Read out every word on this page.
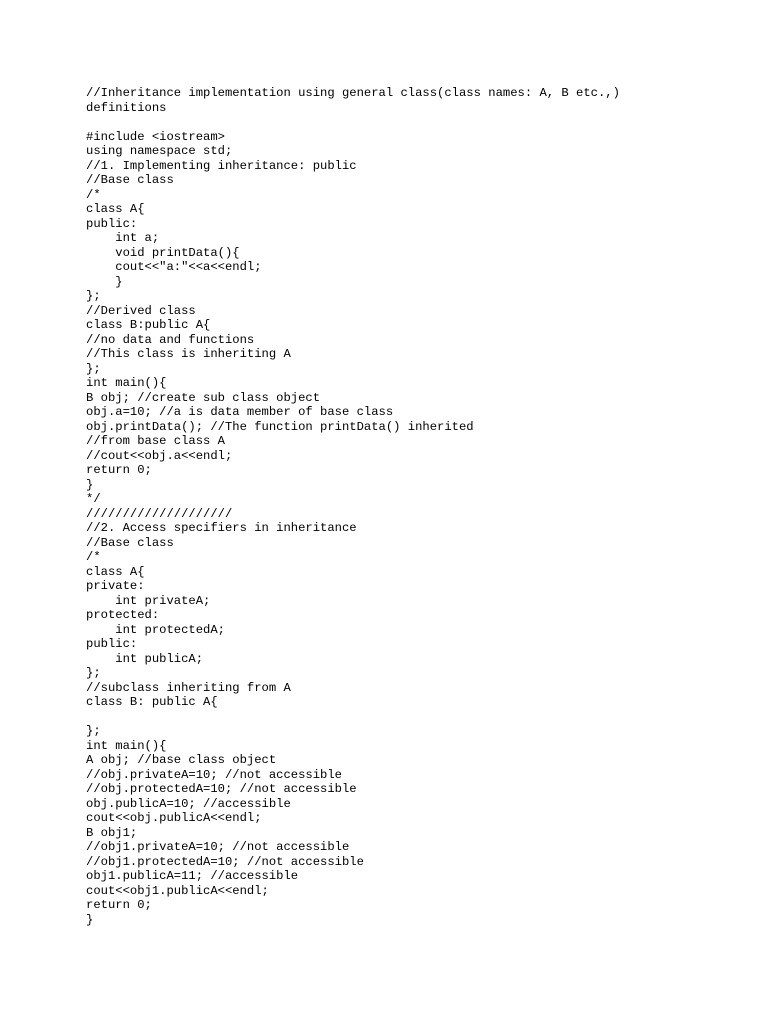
//Inheritance implementation using general class(class names: A, B etc.,)
definitions
#include <iostream>
using namespace std;
//1. Implementing inheritance: public
//Base class
/*
class A{
public:
int a;
void printData(){
cout<<"a:"<<a<<endl;
}
};
//Derived class
class B:public A{
//no data and functions
//This class is inheriting A
};
int main(){
B obj; //create sub class object
obj.a=10; //a is data member of base class
obj.printData(); //The function printData() inherited
//from base class A
//cout<<obj.a<<endl;
return 0;
}
*/
////////////////////
//2. Access specifiers in inheritance
//Base class
/*
class A{
private:
int privateA;
protected:
int protectedA;
public:
int publicA;
};
//subclass inheriting from A
class B: public A{
};
int main(){
A obj; //base class object
//obj.privateA=10; //not accessible
//obj.protectedA=10; //not accessible
obj.publicA=10; //accessible
cout<<obj.publicA<<endl;
B obj1;
//obj1.privateA=10; //not accessible
//obj1.protectedA=10; //not accessible
obj1.publicA=11; //accessible
cout<<obj1.publicA<<endl;
return 0;
}
